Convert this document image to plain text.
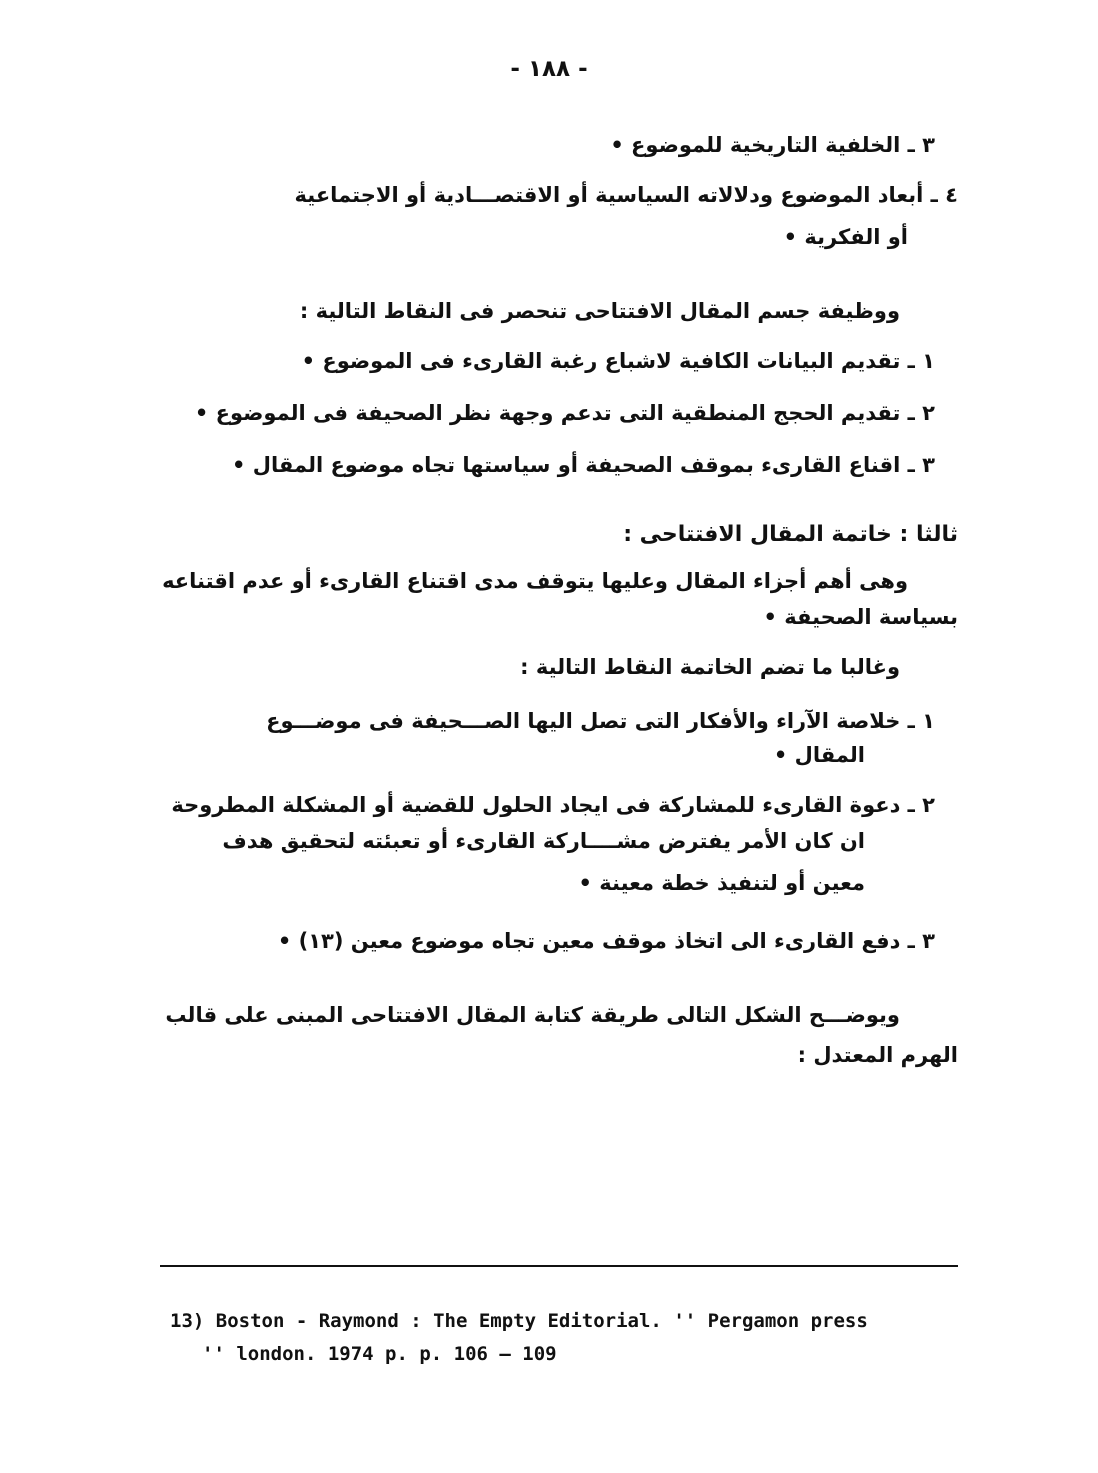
- ١٨٨ -
٣ ـ الخلفية التاريخية للموضوع •
٤ ـ أبعاد الموضوع ودلالاته السياسية أو الاقتصـــادية أو الاجتماعية
أو الفكرية •
ووظيفة جسم المقال الافتتاحى تنحصر فى النقاط التالية :
١ ـ تقديم البيانات الكافية لاشباع رغبة القارىء فى الموضوع •
٢ ـ تقديم الحجج المنطقية التى تدعم وجهة نظر الصحيفة فى الموضوع •
٣ ـ اقناع القارىء بموقف الصحيفة أو سياستها تجاه موضوع المقال •
ثالثا : خاتمة المقال الافتتاحى :
وهى أهم أجزاء المقال وعليها يتوقف مدى اقتناع القارىء أو عدم اقتناعه
بسياسة الصحيفة •
وغالبا ما تضم الخاتمة النقاط التالية :
١ ـ خلاصة الآراء والأفكار التى تصل اليها الصـــحيفة فى موضـــوع
المقال •
٢ ـ دعوة القارىء للمشاركة فى ايجاد الحلول للقضية أو المشكلة المطروحة
ان كان الأمر يفترض مشــــاركة القارىء أو تعبئته لتحقيق هدف
معين أو لتنفيذ خطة معينة •
٣ ـ دفع القارىء الى اتخاذ موقف معين تجاه موضوع معين (١٣) •
ويوضـــح الشكل التالى طريقة كتابة المقال الافتتاحى المبنى على قالب
الهرم المعتدل :
13) Boston - Raymond : The Empty Editorial. '' Pergamon press
'' london. 1974 p. p. 106 — 109
